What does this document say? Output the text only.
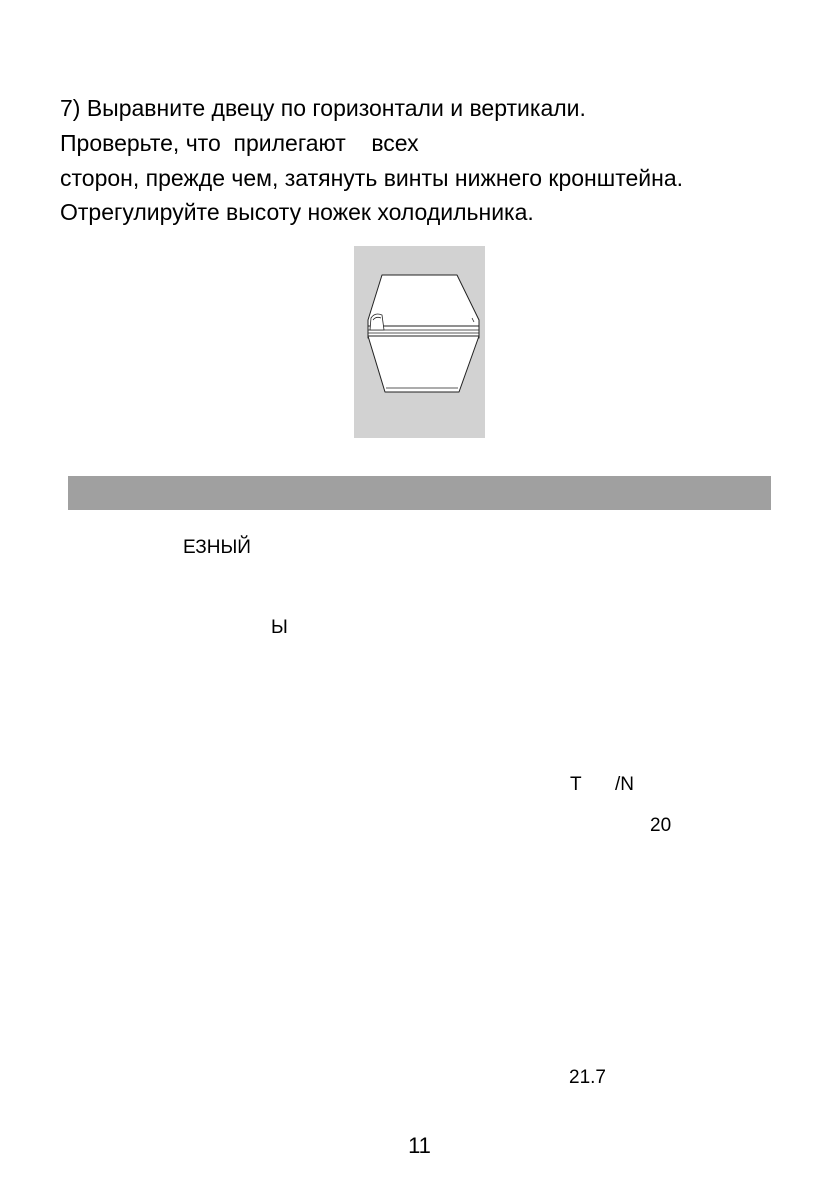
7) Выравните двецу по горизонтали и вертикали.

Проверьте, что  прилегают    всех

сторон, прежде чем, затянуть винты нижнего кронштейна.

Отрегулируйте высоту ножек холодильника.

ЕЗНЫЙ
Ы
T /N
20
21.7
11
